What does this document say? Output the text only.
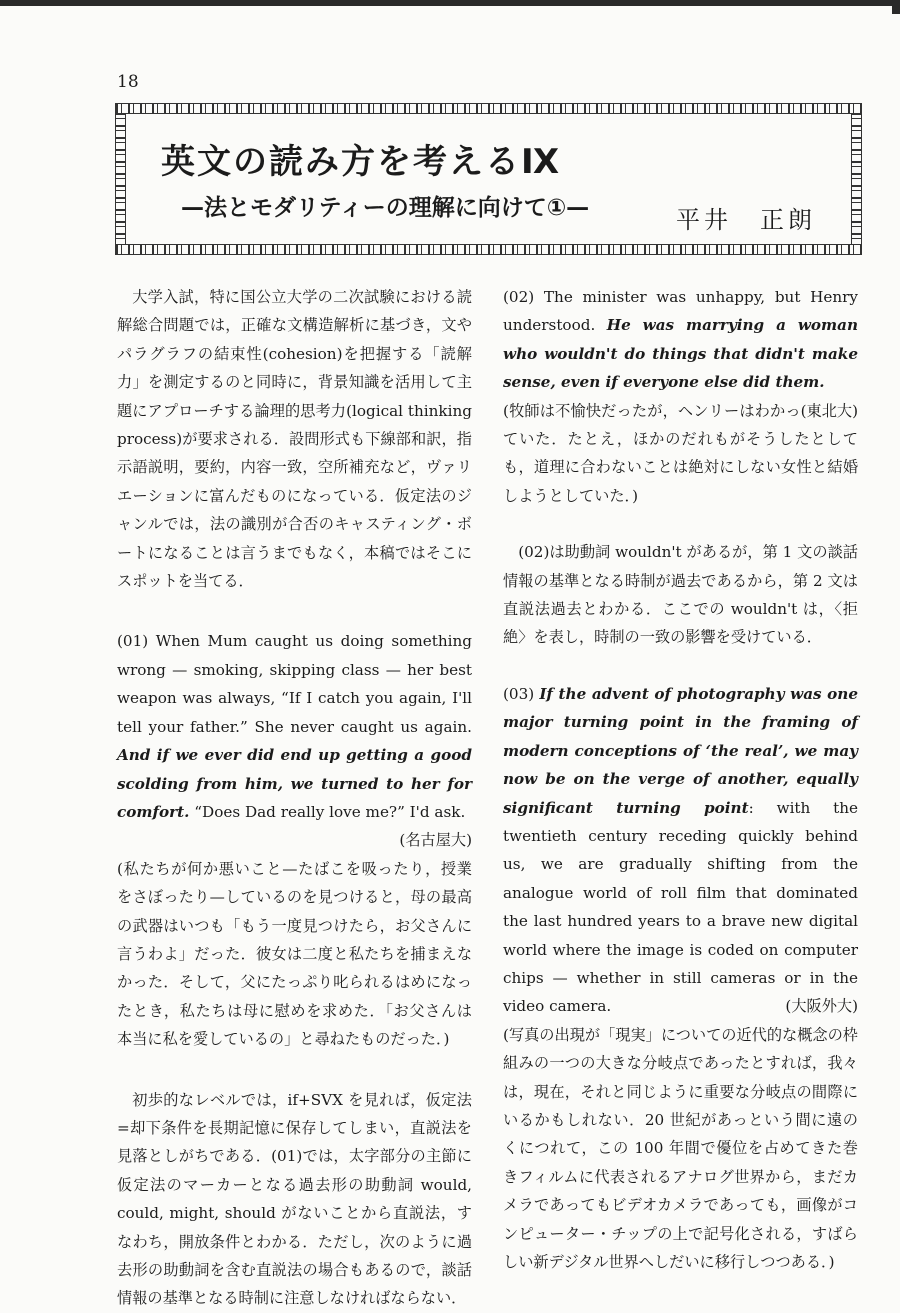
18
英文の読み方を考えるⅨ
—法とモダリティーの理解に向けて①—	平井　正朗

大学入試，特に国公立大学の二次試験における読解総合問題では，正確な文構造解析に基づき，文やパラグラフの結束性(cohesion)を把握する「読解力」を測定するのと同時に，背景知識を活用して主題にアプローチする論理的思考力(logical thinking process)が要求される．設問形式も下線部和訳，指示語説明，要約，内容一致，空所補充など，ヴァリエーションに富んだものになっている．仮定法のジャンルでは，法の識別が合否のキャスティング・ボートになることは言うまでもなく，本稿ではそこにスポットを当てる．

(01) When Mum caught us doing something wrong — smoking, skipping class — her best weapon was always, “If I catch you again, I'll tell your father.” She never caught us again. And if we ever did end up getting a good scolding from him, we turned to her for comfort. “Does Dad really love me?” I'd ask.
(名古屋大)

(私たちが何か悪いこと—たばこを吸ったり，授業をさぼったり—しているのを見つけると，母の最高の武器はいつも「もう一度見つけたら，お父さんに言うわよ」だった．彼女は二度と私たちを捕まえなかった．そして，父にたっぷり叱られるはめになったとき，私たちは母に慰めを求めた．「お父さんは本当に私を愛しているの」と尋ねたものだった．)

初歩的なレベルでは，if+SVX を見れば，仮定法=却下条件を長期記憶に保存してしまい，直説法を見落としがちである．(01)では，太字部分の主節に仮定法のマーカーとなる過去形の助動詞 would, could, might, should がないことから直説法，すなわち，開放条件とわかる．ただし，次のように過去形の助動詞を含む直説法の場合もあるので，談話情報の基準となる時制に注意しなければならない．

(02) The minister was unhappy, but Henry understood. He was marrying a woman who wouldn't do things that didn't make sense, even if everyone else did them.
(東北大)

(牧師は不愉快だったが，ヘンリーはわかっていた．たとえ，ほかのだれもがそうしたとしても，道理に合わないことは絶対にしない女性と結婚しようとしていた．)

(02)は助動詞 wouldn't があるが，第 1 文の談話情報の基準となる時制が過去であるから，第 2 文は直説法過去とわかる．ここでの wouldn't は，〈拒絶〉を表し，時制の一致の影響を受けている．

(03) If the advent of photography was one major turning point in the framing of modern conceptions of ‘the real’, we may now be on the verge of another, equally significant turning point: with the twentieth century receding quickly behind us, we are gradually shifting from the analogue world of roll film that dominated the last hundred years to a brave new digital world where the image is coded on computer chips — whether in still cameras or in the video camera.	(大阪外大)

(写真の出現が「現実」についての近代的な概念の枠組みの一つの大きな分岐点であったとすれば，我々は，現在，それと同じように重要な分岐点の間際にいるかもしれない．20 世紀があっという間に遠のくにつれて，この 100 年間で優位を占めてきた巻きフィルムに代表されるアナログ世界から，まだカメラであってもビデオカメラであっても，画像がコンピューター・チップの上で記号化される，すばらしい新デジタル世界へしだいに移行しつつある．)
